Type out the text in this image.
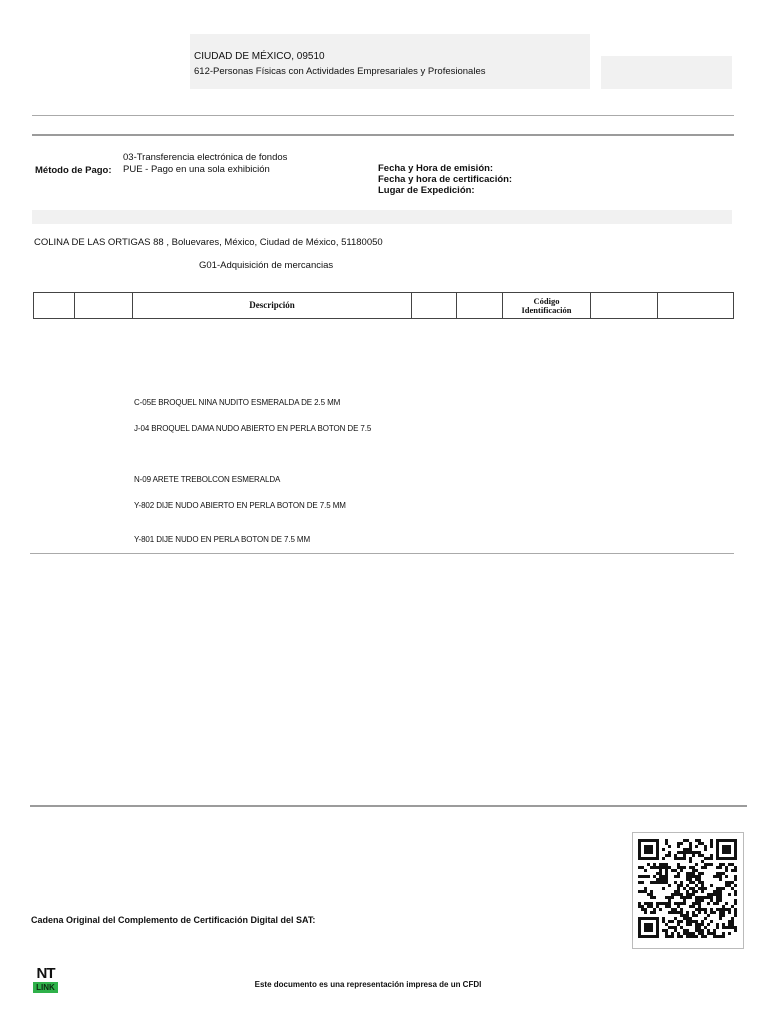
CIUDAD DE MÉXICO, 09510
612-Personas Físicas con Actividades Empresariales y Profesionales
Método de Pago:
03-Transferencia electrónica de fondos
PUE - Pago en una sola exhibición	Fecha y Hora de emisión:
Fecha y hora de certificación:
Lugar de Expedición:
COLINA DE LAS ORTIGAS 88 , Boluevares, México, Ciudad de México, 51180050
G01-Adquisición de mercancias
		Descripción			Código
Identificación

C-05E BROQUEL NINA NUDITO ESMERALDA DE 2.5 MM
J-04 BROQUEL DAMA NUDO ABIERTO EN PERLA BOTON DE 7.5
N-09 ARETE TREBOLCON ESMERALDA
Y-802 DIJE NUDO ABIERTO EN PERLA BOTON DE 7.5 MM
Y-801 DIJE NUDO EN PERLA BOTON DE 7.5 MM
Cadena Original del Complemento de Certificación Digital del SAT:
NT
LINK	Este documento es una representación impresa de un CFDI
